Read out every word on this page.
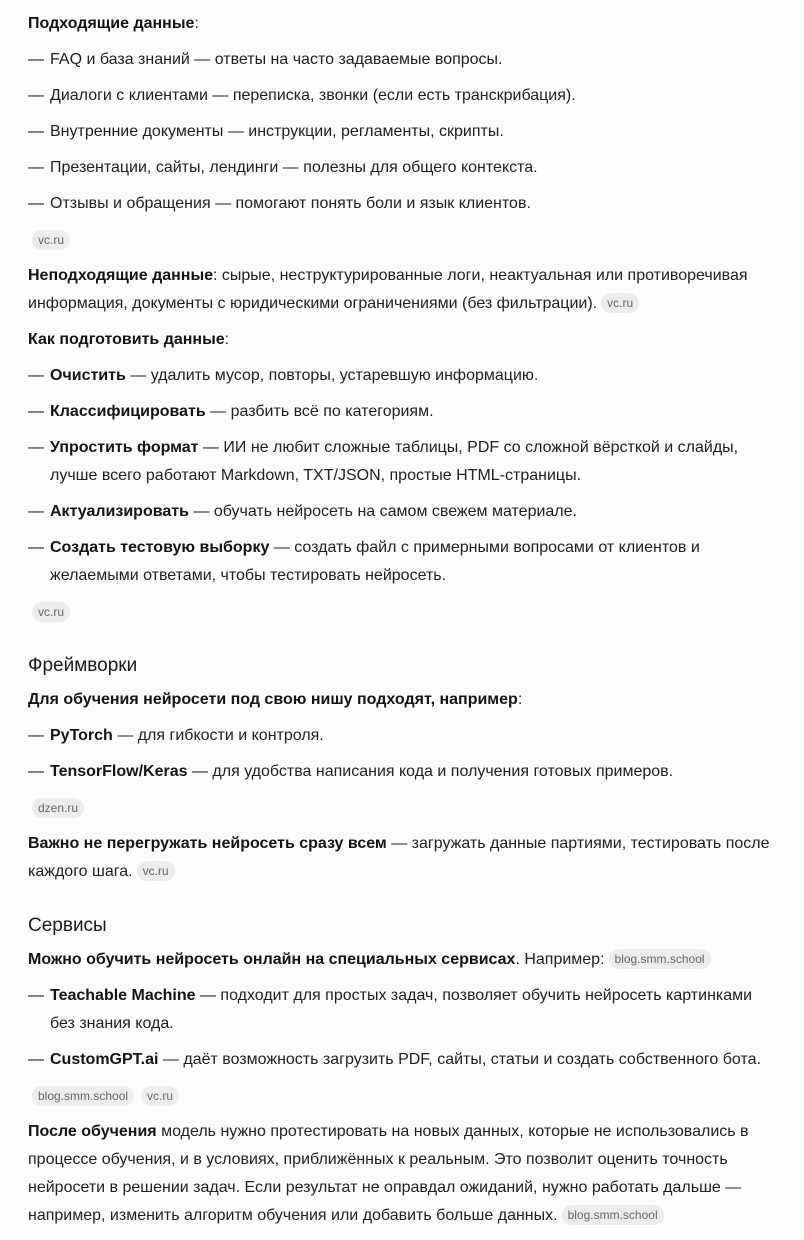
Подходящие данные:

— FAQ и база знаний — ответы на часто задаваемые вопросы.

— Диалоги с клиентами — переписка, звонки (если есть транскрибация).

— Внутренние документы — инструкции, регламенты, скрипты.

— Презентации, сайты, лендинги — полезны для общего контекста.

— Отзывы и обращения — помогают понять боли и язык клиентов.

vc.ru

Неподходящие данные: сырые, неструктурированные логи, неактуальная или противоречивая информация, документы с юридическими ограничениями (без фильтрации). vc.ru

Как подготовить данные:

— Очистить — удалить мусор, повторы, устаревшую информацию.

— Классифицировать — разбить всё по категориям.

— Упростить формат — ИИ не любит сложные таблицы, PDF со сложной вёрсткой и слайды, лучше всего работают Markdown, TXT/JSON, простые HTML-страницы.

— Актуализировать — обучать нейросеть на самом свежем материале.

— Создать тестовую выборку — создать файл с примерными вопросами от клиентов и желаемыми ответами, чтобы тестировать нейросеть.

vc.ru
Фреймворки

Для обучения нейросети под свою нишу подходят, например:

— PyTorch — для гибкости и контроля.

— TensorFlow/Keras — для удобства написания кода и получения готовых примеров.

dzen.ru

Важно не перегружать нейросеть сразу всем — загружать данные партиями, тестировать после каждого шага. vc.ru

Сервисы

Можно обучить нейросеть онлайн на специальных сервисах. Например: blog.smm.school

— Teachable Machine — подходит для простых задач, позволяет обучить нейросеть картинками без знания кода.

— CustomGPT.ai — даёт возможность загрузить PDF, сайты, статьи и создать собственного бота.

blog.smm.school	vc.ru

После обучения модель нужно протестировать на новых данных, которые не использовались в процессе обучения, и в условиях, приближённых к реальным. Это позволит оценить точность нейросети в решении задач. Если результат не оправдал ожиданий, нужно работать дальше — например, изменить алгоритм обучения или добавить больше данных. blog.smm.school
